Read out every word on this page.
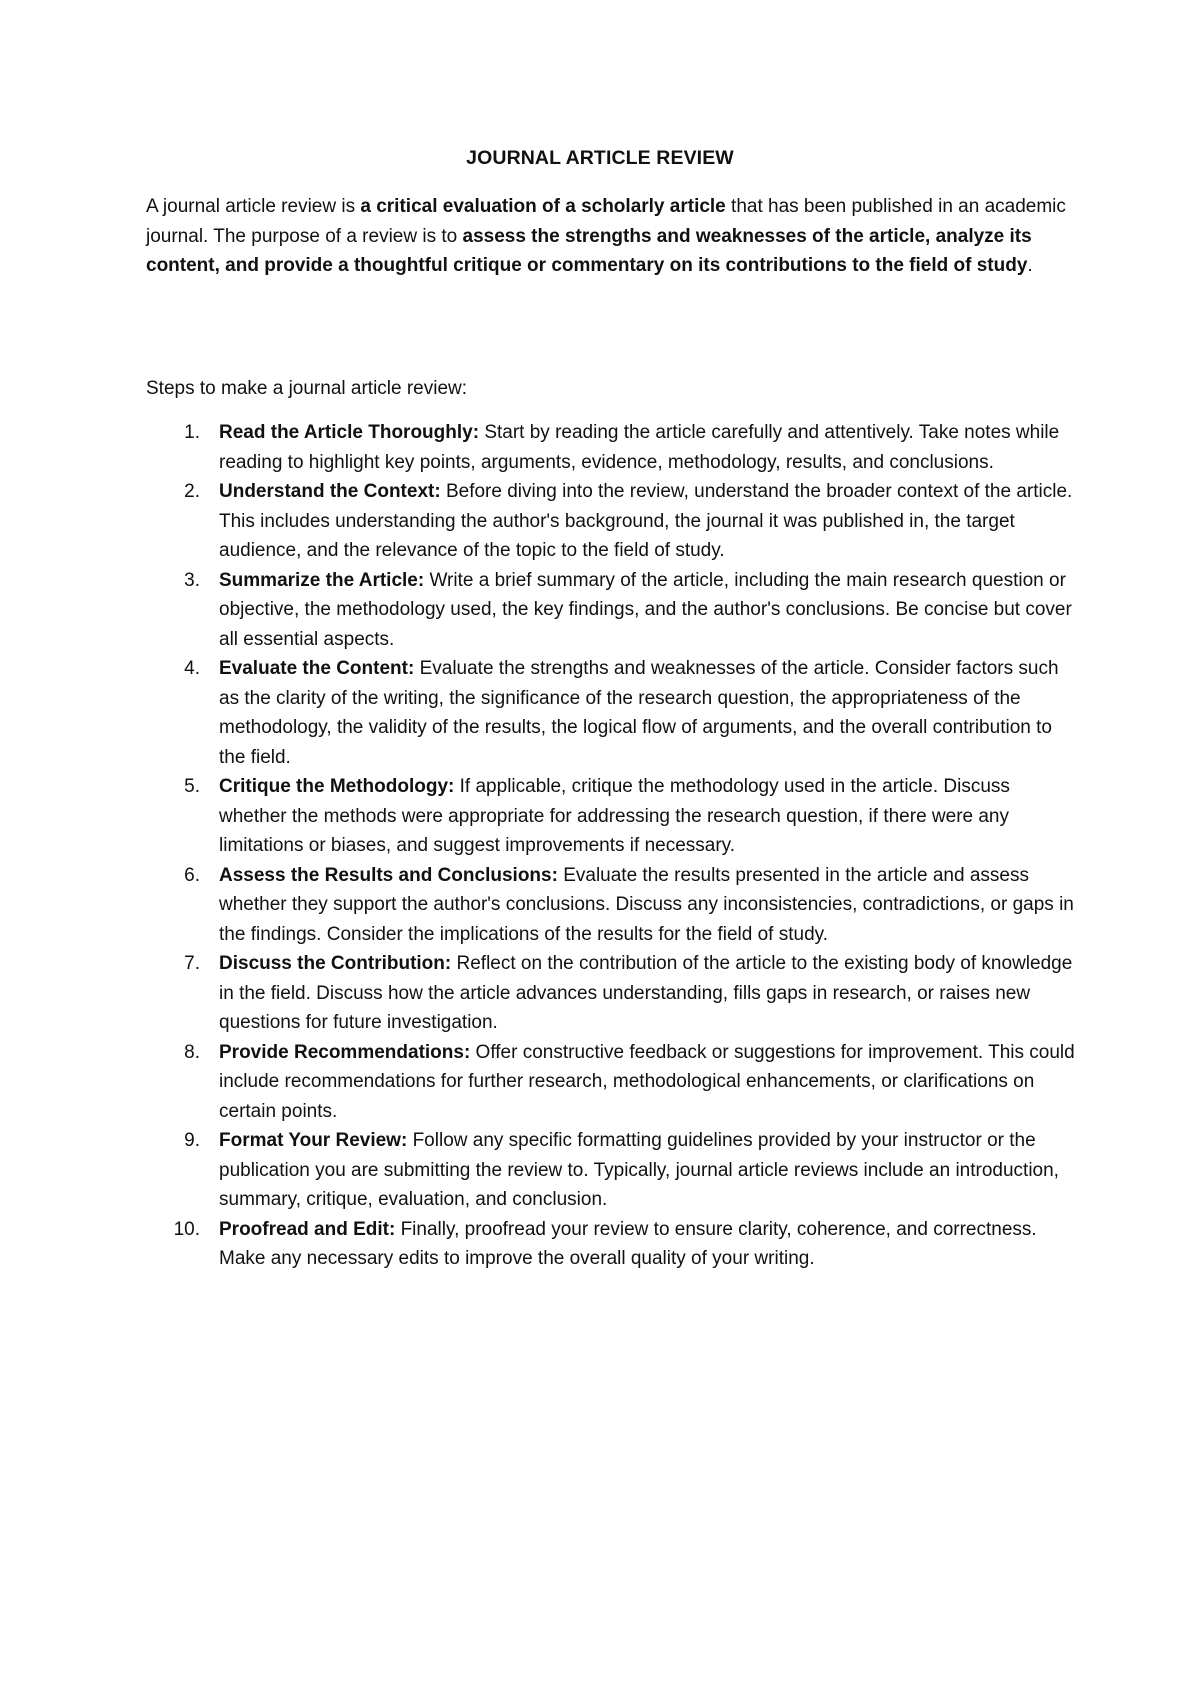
JOURNAL ARTICLE REVIEW

A journal article review is a critical evaluation of a scholarly article that has been published in an academic journal. The purpose of a review is to assess the strengths and weaknesses of the article, analyze its content, and provide a thoughtful critique or commentary on its contributions to the field of study.

Steps to make a journal article review:
1. Read the Article Thoroughly: Start by reading the article carefully and attentively. Take notes while reading to highlight key points, arguments, evidence, methodology, results, and conclusions.
2. Understand the Context: Before diving into the review, understand the broader context of the article. This includes understanding the author's background, the journal it was published in, the target audience, and the relevance of the topic to the field of study.
3. Summarize the Article: Write a brief summary of the article, including the main research question or objective, the methodology used, the key findings, and the author's conclusions. Be concise but cover all essential aspects.
4. Evaluate the Content: Evaluate the strengths and weaknesses of the article. Consider factors such as the clarity of the writing, the significance of the research question, the appropriateness of the methodology, the validity of the results, the logical flow of arguments, and the overall contribution to the field.
5. Critique the Methodology: If applicable, critique the methodology used in the article. Discuss whether the methods were appropriate for addressing the research question, if there were any limitations or biases, and suggest improvements if necessary.
6. Assess the Results and Conclusions: Evaluate the results presented in the article and assess whether they support the author's conclusions. Discuss any inconsistencies, contradictions, or gaps in the findings. Consider the implications of the results for the field of study.
7. Discuss the Contribution: Reflect on the contribution of the article to the existing body of knowledge in the field. Discuss how the article advances understanding, fills gaps in research, or raises new questions for future investigation.
8. Provide Recommendations: Offer constructive feedback or suggestions for improvement. This could include recommendations for further research, methodological enhancements, or clarifications on certain points.
9. Format Your Review: Follow any specific formatting guidelines provided by your instructor or the publication you are submitting the review to. Typically, journal article reviews include an introduction, summary, critique, evaluation, and conclusion.
10. Proofread and Edit: Finally, proofread your review to ensure clarity, coherence, and correctness. Make any necessary edits to improve the overall quality of your writing.
